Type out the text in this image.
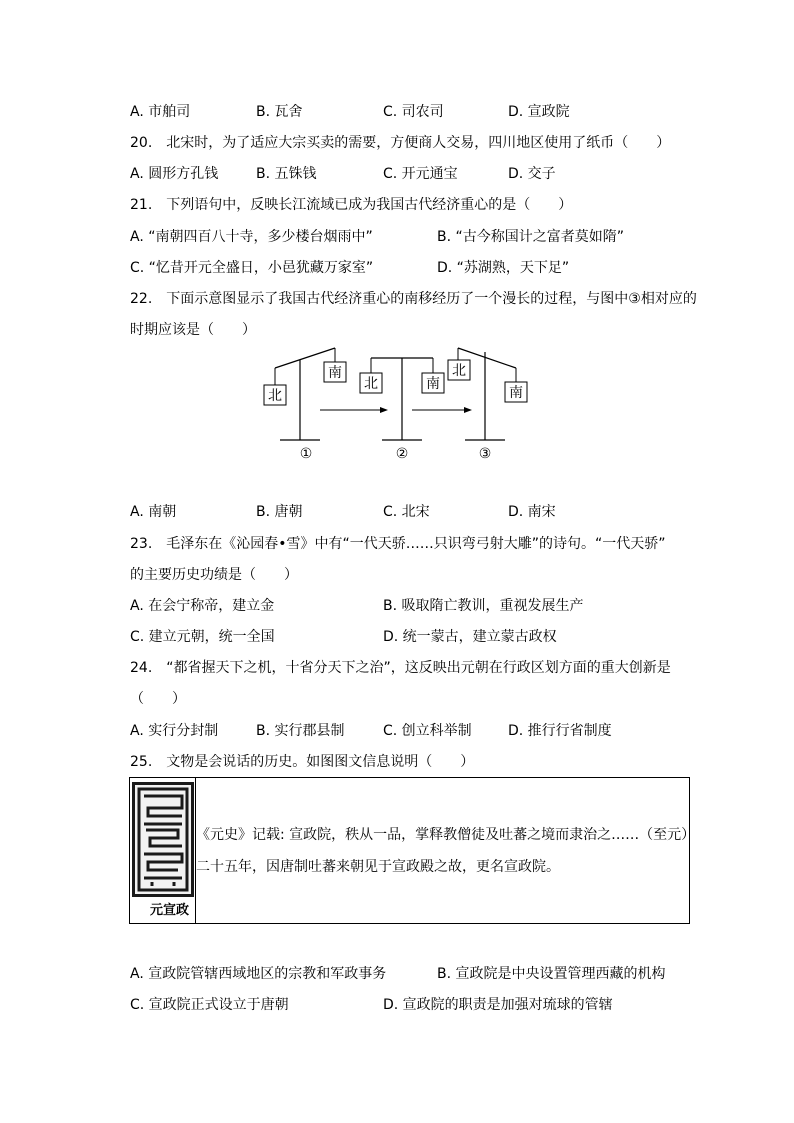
A. 市舶司	B. 瓦舍	C. 司农司	D. 宣政院
20.　北宋时，为了适应大宗买卖的需要，方便商人交易，四川地区使用了纸币（　　）
A. 圆形方孔钱	B. 五铢钱	C. 开元通宝	D. 交子
21.　下列语句中，反映长江流域已成为我国古代经济重心的是（　　）
A. “南朝四百八十寺，多少楼台烟雨中”	B. “古今称国计之富者莫如隋”
C. “忆昔开元全盛日，小邑犹藏万家室”	D. “苏湖熟，天下足”
22.　下面示意图显示了我国古代经济重心的南移经历了一个漫长的过程，与图中③相对应的
时期应该是（　　）
北
南
北	南
北
南
①	②	③
A. 南朝	B. 唐朝	C. 北宋	D. 南宋
23.　毛泽东在《沁园春•雪》中有“一代天骄……只识弯弓射大雕”的诗句。“一代天骄”
的主要历史功绩是（　　）
A. 在会宁称帝，建立金	B. 吸取隋亡教训，重视发展生产
C. 建立元朝，统一全国	D. 统一蒙古，建立蒙古政权
24.　“都省握天下之机，十省分天下之治”，这反映出元朝在行政区划方面的重大创新是
（　　）
A. 实行分封制	B. 实行郡县制	C. 创立科举制	D. 推行行省制度
25.　文物是会说话的历史。如图图文信息说明（　　）
元宣政
《元史》记载: 宣政院，秩从一品，掌释教僧徒及吐蕃之境而隶治之……（至元）
二十五年，因唐制吐蕃来朝见于宣政殿之故，更名宣政院。
A. 宣政院管辖西域地区的宗教和军政事务	B. 宣政院是中央设置管理西藏的机构
C. 宣政院正式设立于唐朝	D. 宣政院的职责是加强对琉球的管辖
